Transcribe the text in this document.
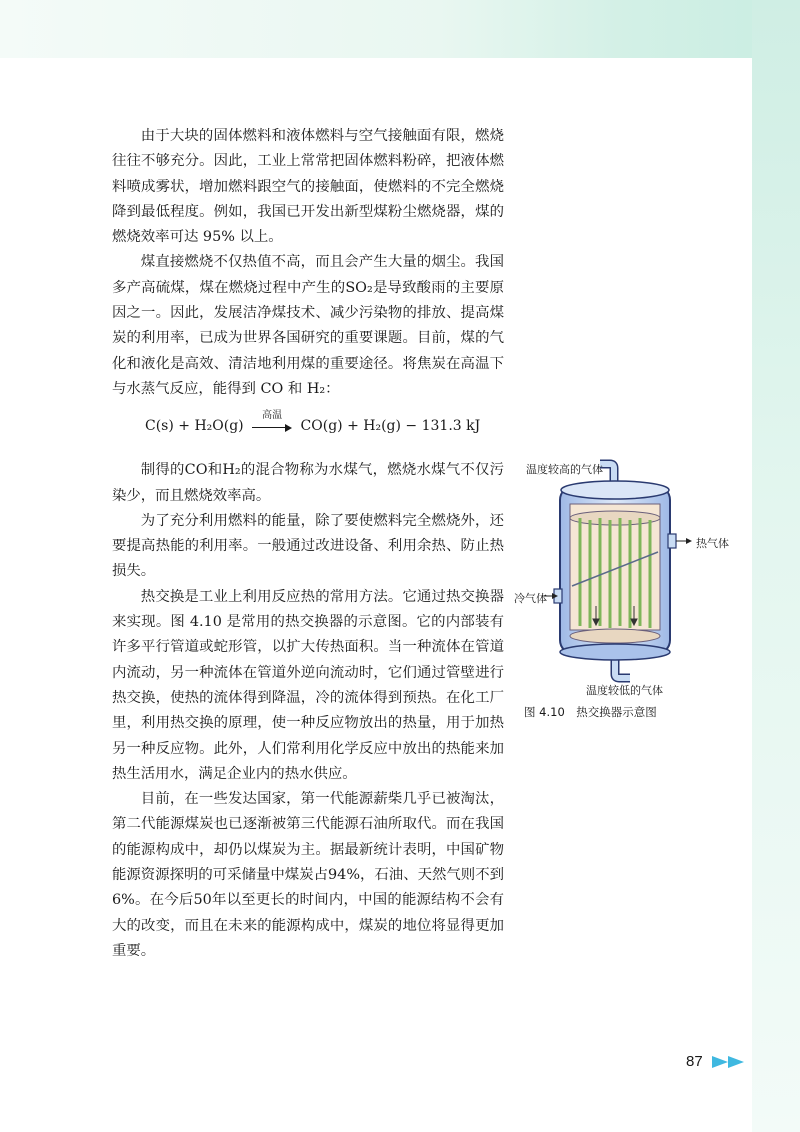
由于大块的固体燃料和液体燃料与空气接触面有限，燃烧往往不够充分。因此，工业上常常把固体燃料粉碎，把液体燃料喷成雾状，增加燃料跟空气的接触面，使燃料的不完全燃烧降到最低程度。例如，我国已开发出新型煤粉尘燃烧器，煤的燃烧效率可达 95% 以上。

煤直接燃烧不仅热值不高，而且会产生大量的烟尘。我国多产高硫煤，煤在燃烧过程中产生的SO₂是导致酸雨的主要原因之一。因此，发展洁净煤技术、减少污染物的排放、提高煤炭的利用率，已成为世界各国研究的重要课题。目前，煤的气化和液化是高效、清洁地利用煤的重要途径。将焦炭在高温下与水蒸气反应，能得到 CO 和 H₂：

制得的CO和H₂的混合物称为水煤气，燃烧水煤气不仅污染少，而且燃烧效率高。

为了充分利用燃料的能量，除了要使燃料完全燃烧外，还要提高热能的利用率。一般通过改进设备、利用余热、防止热损失。

热交换是工业上利用反应热的常用方法。它通过热交换器来实现。图 4.10 是常用的热交换器的示意图。它的内部装有许多平行管道或蛇形管，以扩大传热面积。当一种流体在管道内流动，另一种流体在管道外逆向流动时，它们通过管壁进行热交换，使热的流体得到降温，冷的流体得到预热。在化工厂里，利用热交换的原理，使一种反应物放出的热量，用于加热另一种反应物。此外，人们常利用化学反应中放出的热能来加热生活用水，满足企业内的热水供应。

目前，在一些发达国家，第一代能源薪柴几乎已被淘汰，第二代能源煤炭也已逐渐被第三代能源石油所取代。而在我国的能源构成中，却仍以煤炭为主。据最新统计表明，中国矿物能源资源探明的可采储量中煤炭占94%，石油、天然气则不到6%。在今后50年以至更长的时间内，中国的能源结构不会有大的改变，而且在未来的能源构成中，煤炭的地位将显得更加重要。

C(s) + H₂O(g)
高温
CO(g) + H₂(g) − 131.3 kJ
温度较高的气体
热气体
冷气体
温度较低的气体
图 4.10　热交换器示意图
87
